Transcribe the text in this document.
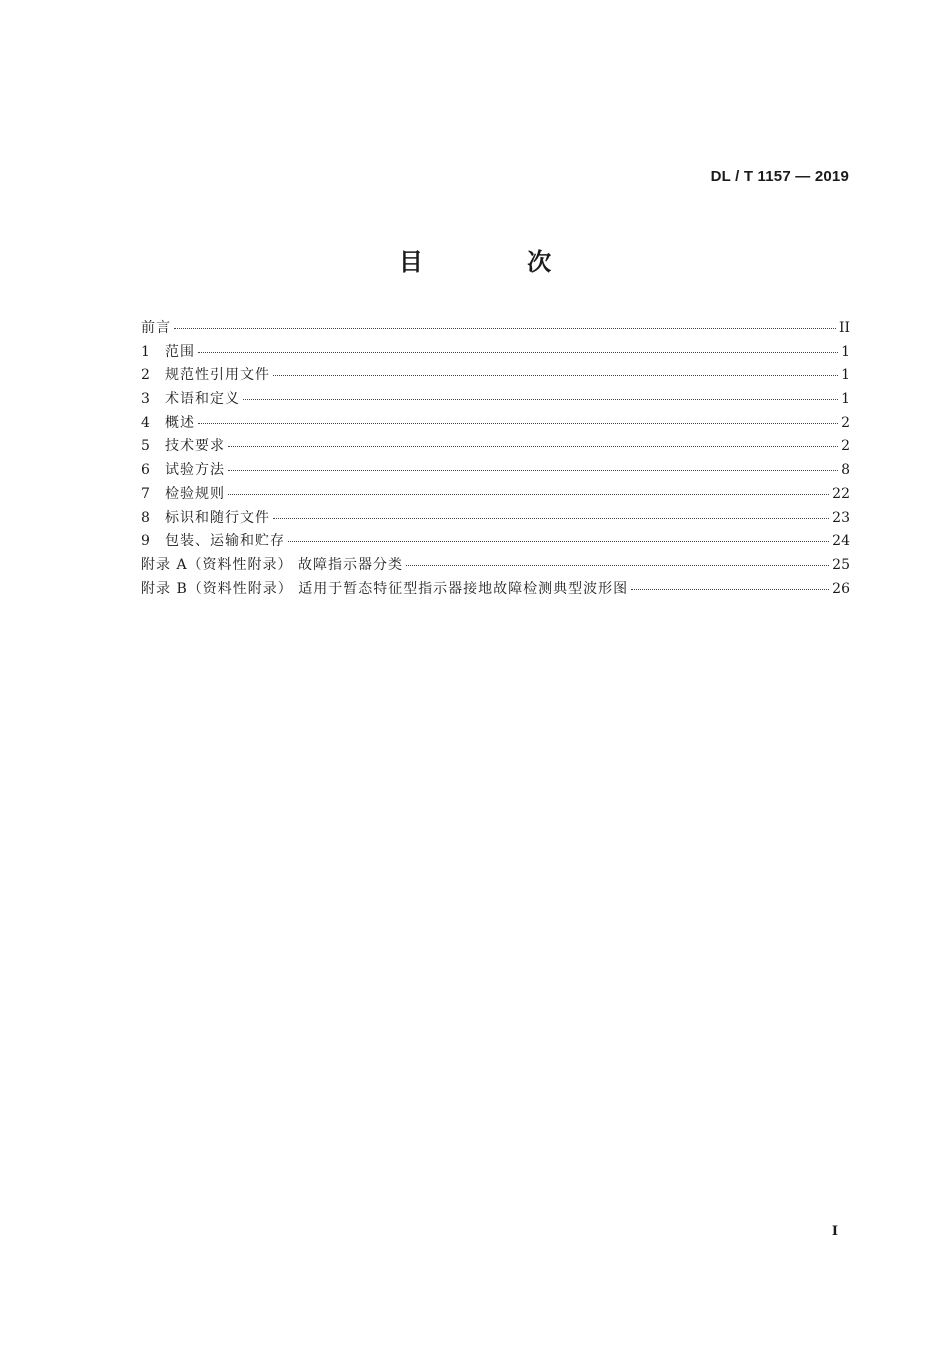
DL / T 1157 — 2019
目 次
前言	II
1	范围	1
2	规范性引用文件	1
3	术语和定义	1
4	概述	2
5	技术要求	2
6	试验方法	8
7	检验规则	22
8	标识和随行文件	23
9	包装、运输和贮存	24
附录 A（资料性附录） 故障指示器分类	25
附录 B（资料性附录） 适用于暂态特征型指示器接地故障检测典型波形图	26
I
